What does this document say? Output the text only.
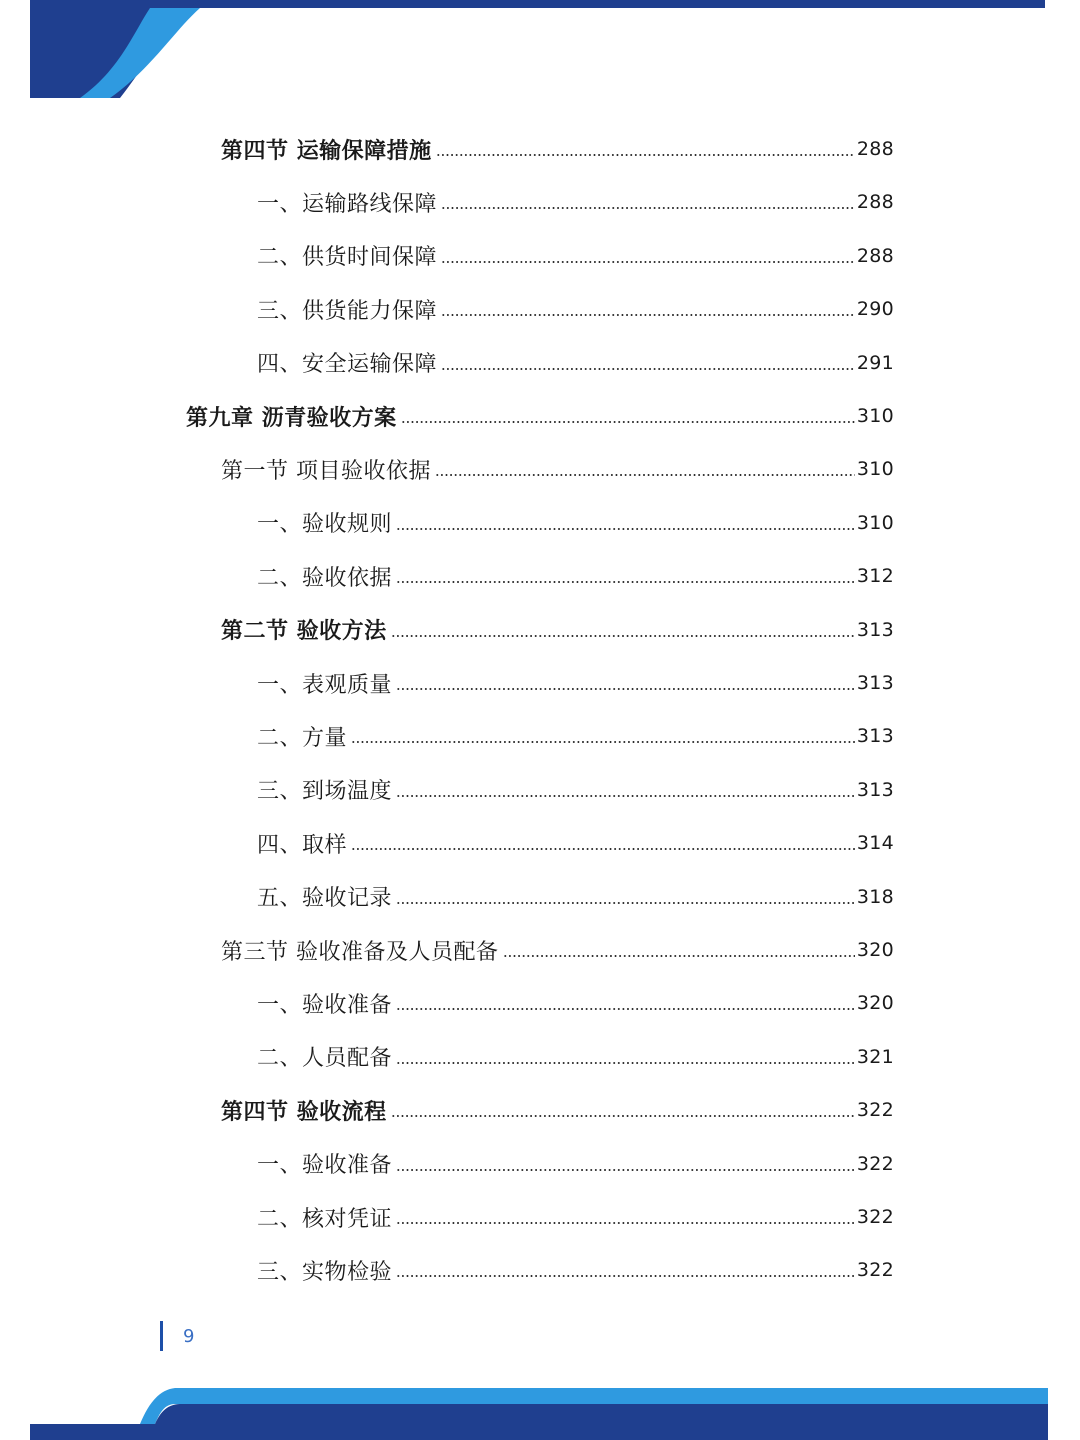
第四节 运输保障措施	288
一、运输路线保障	288
二、供货时间保障	288
三、供货能力保障	290
四、安全运输保障	291
第九章 沥青验收方案	310
第一节 项目验收依据	310
一、验收规则	310
二、验收依据	312
第二节 验收方法	313
一、表观质量	313
二、方量	313
三、到场温度	313
四、取样	314
五、验收记录	318
第三节 验收准备及人员配备	320
一、验收准备	320
二、人员配备	321
第四节 验收流程	322
一、验收准备	322
二、核对凭证	322
三、实物检验	322
9
